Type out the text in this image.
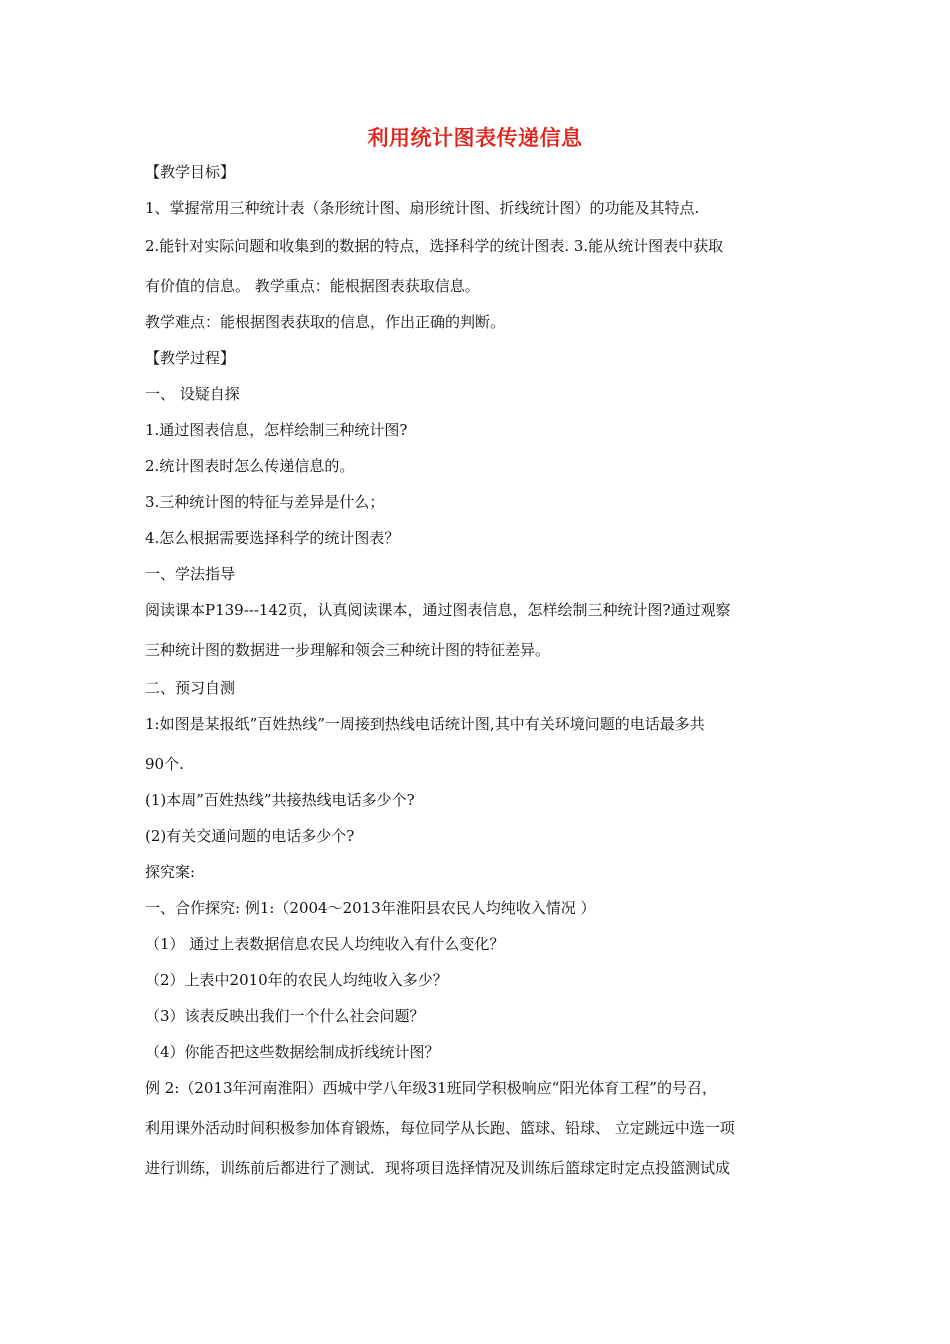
利用统计图表传递信息
【教学目标】
1、掌握常用三种统计表（条形统计图、扇形统计图、折线统计图）的功能及其特点.
2.能针对实际问题和收集到的数据的特点，选择科学的统计图表. 3.能从统计图表中获取
有价值的信息。 教学重点：能根据图表获取信息。
教学难点：能根据图表获取的信息，作出正确的判断。
【教学过程】
一、 设疑自探
1.通过图表信息，怎样绘制三种统计图?
2.统计图表时怎么传递信息的。
3.三种统计图的特征与差异是什么；
4.怎么根据需要选择科学的统计图表？
一、学法指导
阅读课本P139---142页，认真阅读课本，通过图表信息，怎样绘制三种统计图?通过观察
三种统计图的数据进一步理解和领会三种统计图的特征差异。
二、预习自测
1:如图是某报纸”百姓热线”一周接到热线电话统计图,其中有关环境问题的电话最多共
90个.
(1)本周”百姓热线”共接热线电话多少个?
(2)有关交通问题的电话多少个?
探究案:
一、合作探究: 例1:（2004～2013年淮阳县农民人均纯收入情况 ）
（1） 通过上表数据信息农民人均纯收入有什么变化？
（2）上表中2010年的农民人均纯收入多少？
（3）该表反映出我们一个什么社会问题？
（4）你能否把这些数据绘制成折线统计图？
例 2:（2013年河南淮阳）西城中学八年级31班同学积极响应“阳光体育工程”的号召，
利用课外活动时间积极参加体育锻炼，每位同学从长跑、篮球、铅球、 立定跳远中选一项
进行训练，训练前后都进行了测试．现将项目选择情况及训练后篮球定时定点投篮测试成
